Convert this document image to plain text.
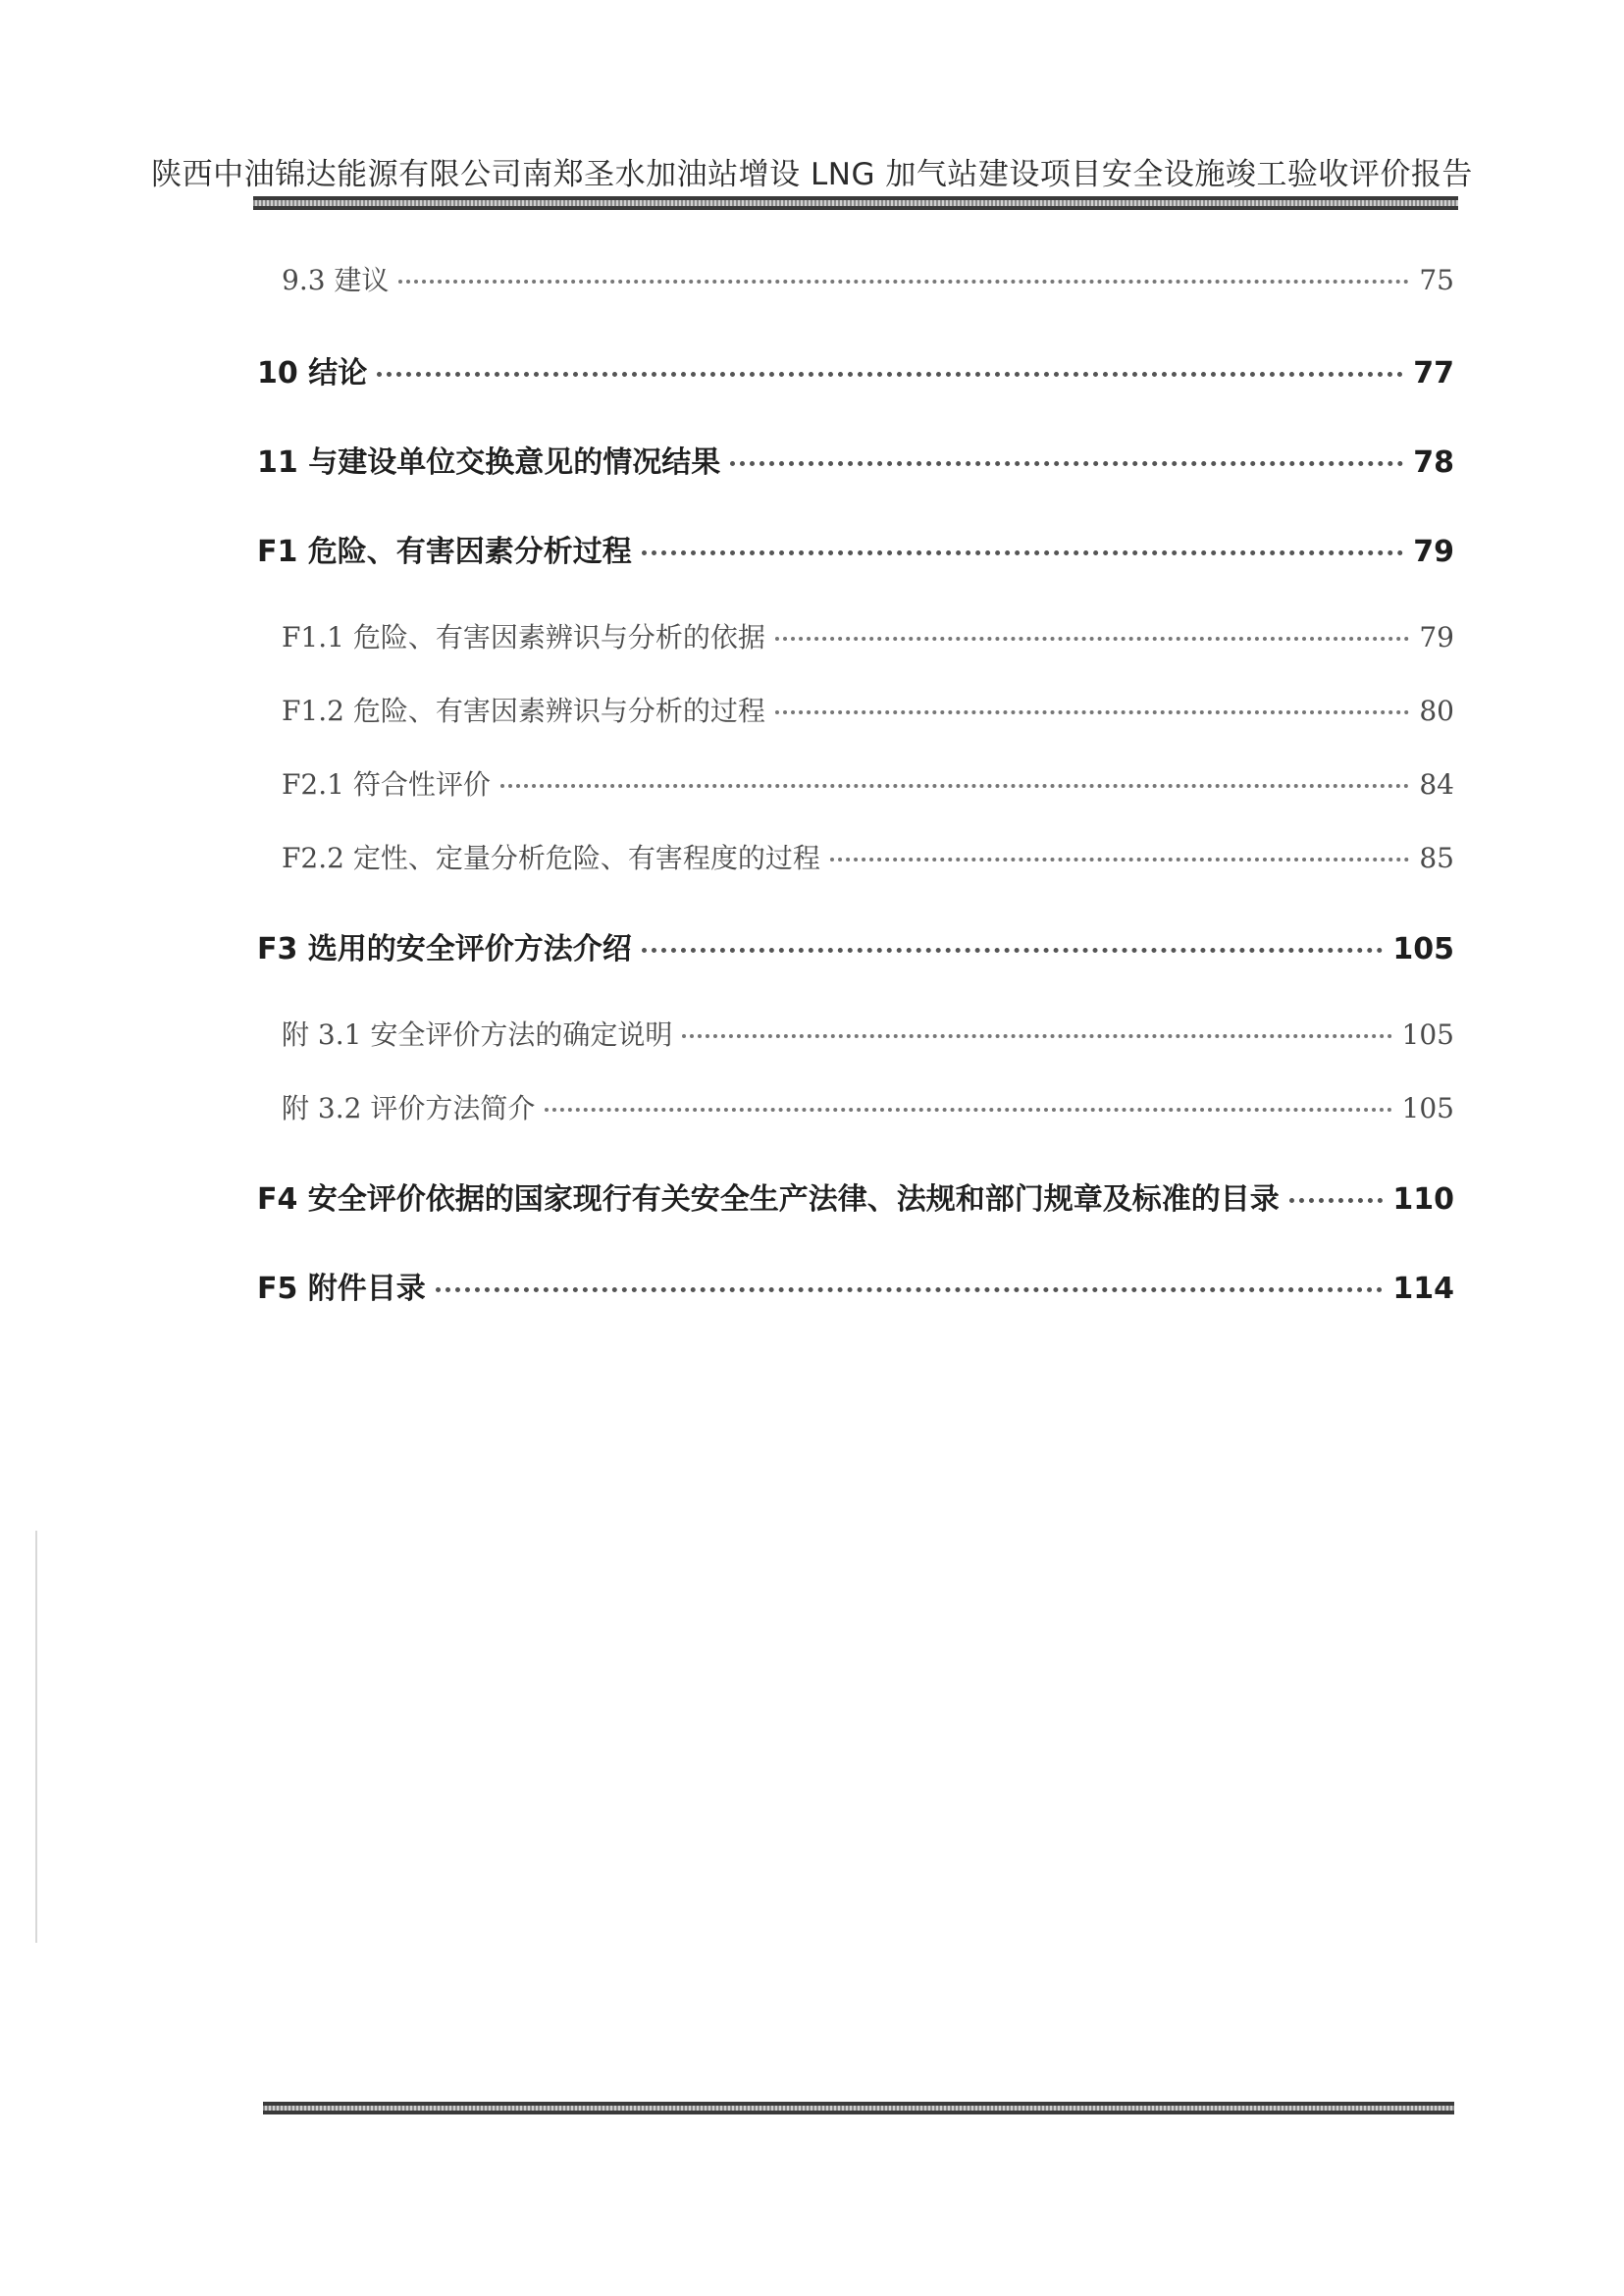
陕西中油锦达能源有限公司南郑圣水加油站增设 LNG 加气站建设项目安全设施竣工验收评价报告
9.3 建议	75
10 结论	77
11 与建设单位交换意见的情况结果	78
F1 危险、有害因素分析过程	79
F1.1 危险、有害因素辨识与分析的依据	79
F1.2 危险、有害因素辨识与分析的过程	80
F2.1 符合性评价	84
F2.2 定性、定量分析危险、有害程度的过程	85
F3 选用的安全评价方法介绍	105
附 3.1 安全评价方法的确定说明	105
附 3.2 评价方法简介	105
F4 安全评价依据的国家现行有关安全生产法律、法规和部门规章及标准的目录	110
F5 附件目录	114
